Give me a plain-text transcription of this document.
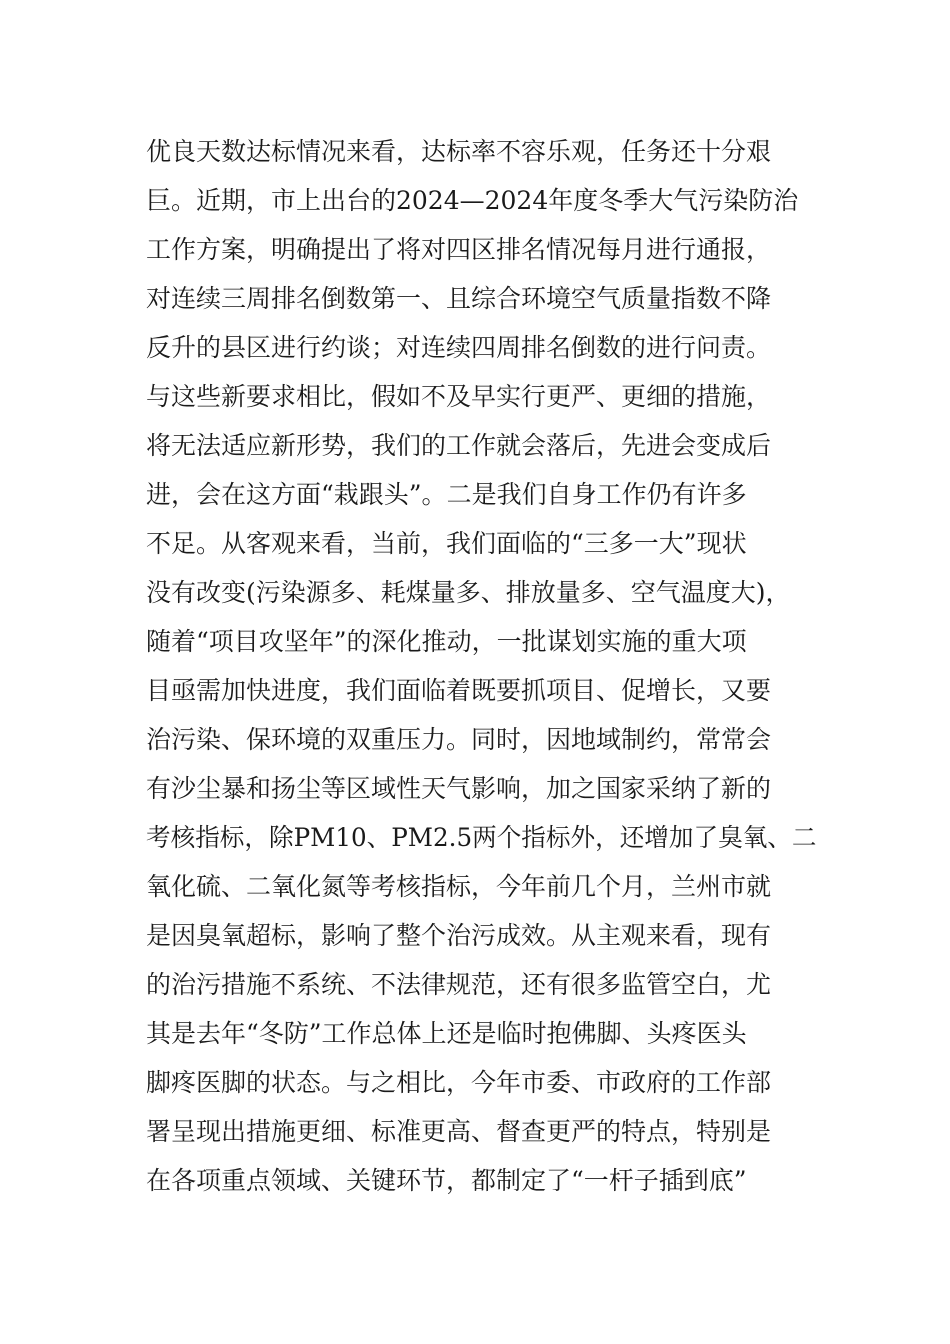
优良天数达标情况来看，达标率不容乐观，任务还十分艰
巨。近期，市上出台的2024—2024年度冬季大气污染防治
工作方案，明确提出了将对四区排名情况每月进行通报，
对连续三周排名倒数第一、且综合环境空气质量指数不降
反升的县区进行约谈；对连续四周排名倒数的进行问责。
与这些新要求相比，假如不及早实行更严、更细的措施，
将无法适应新形势，我们的工作就会落后，先进会变成后
进，会在这方面“栽跟头”。二是我们自身工作仍有许多
不足。从客观来看，当前，我们面临的“三多一大”现状
没有改变(污染源多、耗煤量多、排放量多、空气温度大)，
随着“项目攻坚年”的深化推动，一批谋划实施的重大项
目亟需加快进度，我们面临着既要抓项目、促增长，又要
治污染、保环境的双重压力。同时，因地域制约，常常会
有沙尘暴和扬尘等区域性天气影响，加之国家采纳了新的
考核指标，除PM10、PM2.5两个指标外，还增加了臭氧、二
氧化硫、二氧化氮等考核指标，今年前几个月，兰州市就
是因臭氧超标，影响了整个治污成效。从主观来看，现有
的治污措施不系统、不法律规范，还有很多监管空白，尤
其是去年“冬防”工作总体上还是临时抱佛脚、头疼医头
脚疼医脚的状态。与之相比，今年市委、市政府的工作部
署呈现出措施更细、标准更高、督查更严的特点，特别是
在各项重点领域、关键环节，都制定了“一杆子插到底”
